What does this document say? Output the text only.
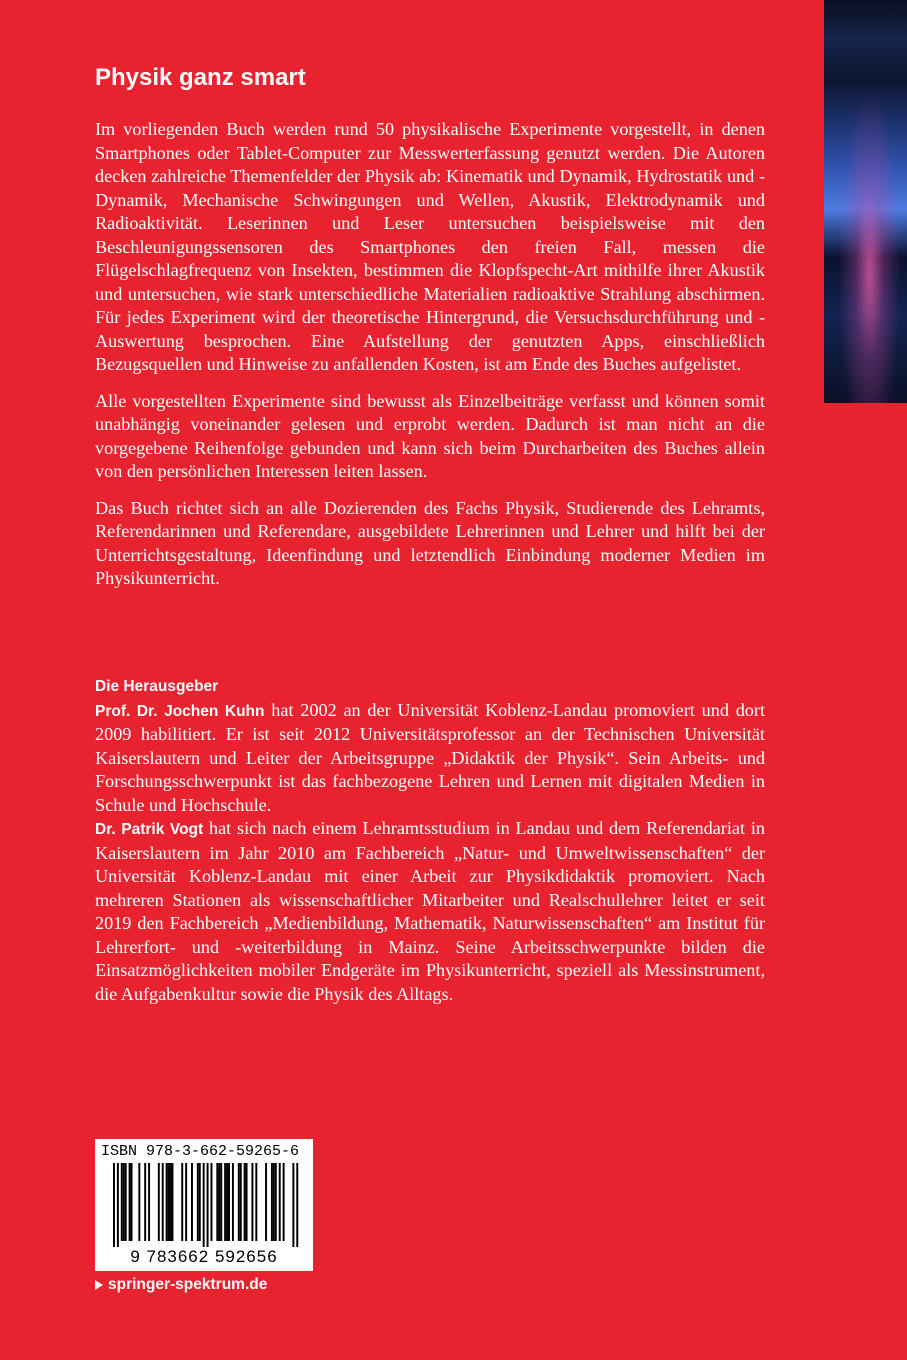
Physik ganz smart

Im vorliegenden Buch werden rund 50 physikalische Experimente vorgestellt, in denen Smartphones oder Tablet-Computer zur Messwerterfassung genutzt werden. Die Autoren decken zahlreiche Themenfelder der Physik ab: Kinematik und Dynamik, Hydrostatik und -Dynamik, Mechanische Schwingungen und Wellen, Akustik, Elektrodynamik und Radioaktivität. Leserinnen und Leser untersuchen beispielsweise mit den Beschleunigungssensoren des Smartphones den freien Fall, messen die Flügelschlagfrequenz von Insekten, bestimmen die Klopfspecht-Art mithilfe ihrer Akustik und untersuchen, wie stark unterschiedliche Materialien radioaktive Strahlung abschirmen. Für jedes Experiment wird der theoretische Hintergrund, die Versuchsdurchführung und -Auswertung besprochen. Eine Aufstellung der genutzten Apps, einschließlich Bezugsquellen und Hinweise zu anfallenden Kosten, ist am Ende des Buches aufgelistet.

Alle vorgestellten Experimente sind bewusst als Einzelbeiträge verfasst und können somit unabhängig voneinander gelesen und erprobt werden. Dadurch ist man nicht an die vorgegebene Reihenfolge gebunden und kann sich beim Durcharbeiten des Buches allein von den persönlichen Interessen leiten lassen.

Das Buch richtet sich an alle Dozierenden des Fachs Physik, Studierende des Lehramts, Referendarinnen und Referendare, ausgebildete Lehrerinnen und Lehrer und hilft bei der Unterrichtsgestaltung, Ideenfindung und letztendlich Einbindung moderner Medien im Physikunterricht.

Die Herausgeber

Prof. Dr. Jochen Kuhn hat 2002 an der Universität Koblenz-Landau promoviert und dort 2009 habilitiert. Er ist seit 2012 Universitätsprofessor an der Technischen Universität Kaiserslautern und Leiter der Arbeitsgruppe „Didaktik der Physik“. Sein Arbeits- und Forschungsschwerpunkt ist das fachbezogene Lehren und Lernen mit digitalen Medien in Schule und Hochschule.

Dr. Patrik Vogt hat sich nach einem Lehramtsstudium in Landau und dem Referendariat in Kaiserslautern im Jahr 2010 am Fachbereich „Natur- und Umweltwissenschaften“ der Universität Koblenz-Landau mit einer Arbeit zur Physikdidaktik promoviert. Nach mehreren Stationen als wissenschaftlicher Mitarbeiter und Realschullehrer leitet er seit 2019 den Fachbereich „Medienbildung, Mathematik, Naturwissenschaften“ am Institut für Lehrerfort- und -weiterbildung in Mainz. Seine Arbeitsschwerpunkte bilden die Einsatzmöglichkeiten mobiler Endgeräte im Physikunterricht, speziell als Messinstrument, die Aufgabenkultur sowie die Physik des Alltags.

ISBN 978-3-662-59265-6

9 783662 592656

springer-spektrum.de
